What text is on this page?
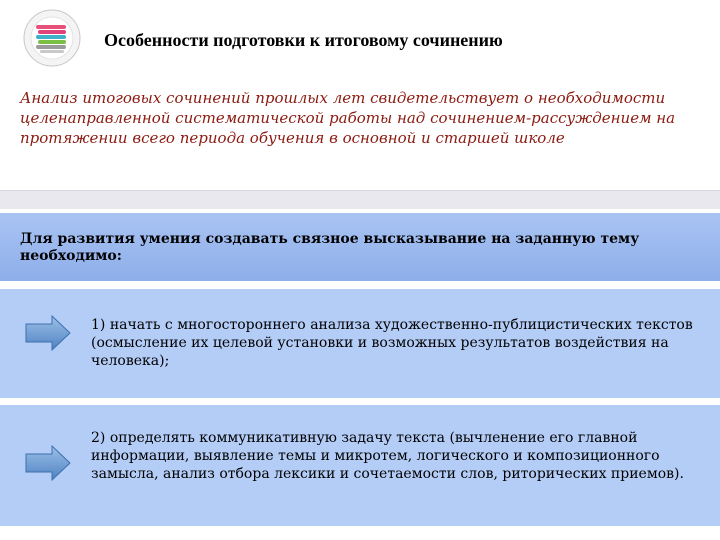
Особенности подготовки к итоговому сочинению
Анализ итоговых сочинений прошлых лет свидетельствует о необходимости целенаправленной систематической работы над сочинением-рассуждением на протяжении всего периода обучения в основной и старшей школе
Для развития умения создавать связное высказывание на заданную тему необходимо:
1) начать с многостороннего анализа художественно-публицистических текстов (осмысление их целевой установки и возможных результатов воздействия на человека);
2) определять коммуникативную задачу текста (вычленение его главной информации, выявление темы и микротем, логического и композиционного замысла, анализ отбора лексики и сочетаемости слов, риторических приемов).
